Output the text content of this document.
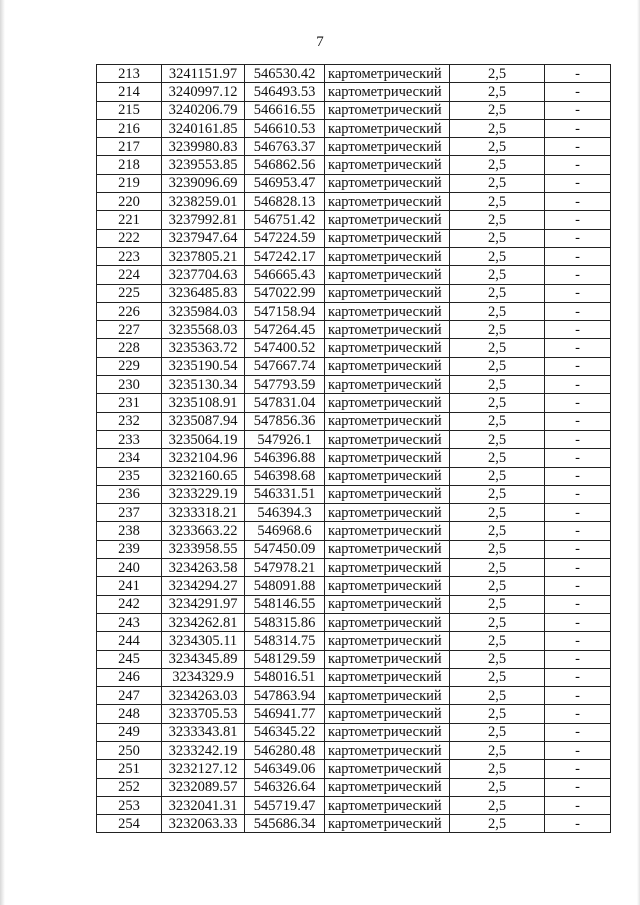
7
213	3241151.97	546530.42	картометрический	2,5	-
214	3240997.12	546493.53	картометрический	2,5	-
215	3240206.79	546616.55	картометрический	2,5	-
216	3240161.85	546610.53	картометрический	2,5	-
217	3239980.83	546763.37	картометрический	2,5	-
218	3239553.85	546862.56	картометрический	2,5	-
219	3239096.69	546953.47	картометрический	2,5	-
220	3238259.01	546828.13	картометрический	2,5	-
221	3237992.81	546751.42	картометрический	2,5	-
222	3237947.64	547224.59	картометрический	2,5	-
223	3237805.21	547242.17	картометрический	2,5	-
224	3237704.63	546665.43	картометрический	2,5	-
225	3236485.83	547022.99	картометрический	2,5	-
226	3235984.03	547158.94	картометрический	2,5	-
227	3235568.03	547264.45	картометрический	2,5	-
228	3235363.72	547400.52	картометрический	2,5	-
229	3235190.54	547667.74	картометрический	2,5	-
230	3235130.34	547793.59	картометрический	2,5	-
231	3235108.91	547831.04	картометрический	2,5	-
232	3235087.94	547856.36	картометрический	2,5	-
233	3235064.19	547926.1	картометрический	2,5	-
234	3232104.96	546396.88	картометрический	2,5	-
235	3232160.65	546398.68	картометрический	2,5	-
236	3233229.19	546331.51	картометрический	2,5	-
237	3233318.21	546394.3	картометрический	2,5	-
238	3233663.22	546968.6	картометрический	2,5	-
239	3233958.55	547450.09	картометрический	2,5	-
240	3234263.58	547978.21	картометрический	2,5	-
241	3234294.27	548091.88	картометрический	2,5	-
242	3234291.97	548146.55	картометрический	2,5	-
243	3234262.81	548315.86	картометрический	2,5	-
244	3234305.11	548314.75	картометрический	2,5	-
245	3234345.89	548129.59	картометрический	2,5	-
246	3234329.9	548016.51	картометрический	2,5	-
247	3234263.03	547863.94	картометрический	2,5	-
248	3233705.53	546941.77	картометрический	2,5	-
249	3233343.81	546345.22	картометрический	2,5	-
250	3233242.19	546280.48	картометрический	2,5	-
251	3232127.12	546349.06	картометрический	2,5	-
252	3232089.57	546326.64	картометрический	2,5	-
253	3232041.31	545719.47	картометрический	2,5	-
254	3232063.33	545686.34	картометрический	2,5	-
